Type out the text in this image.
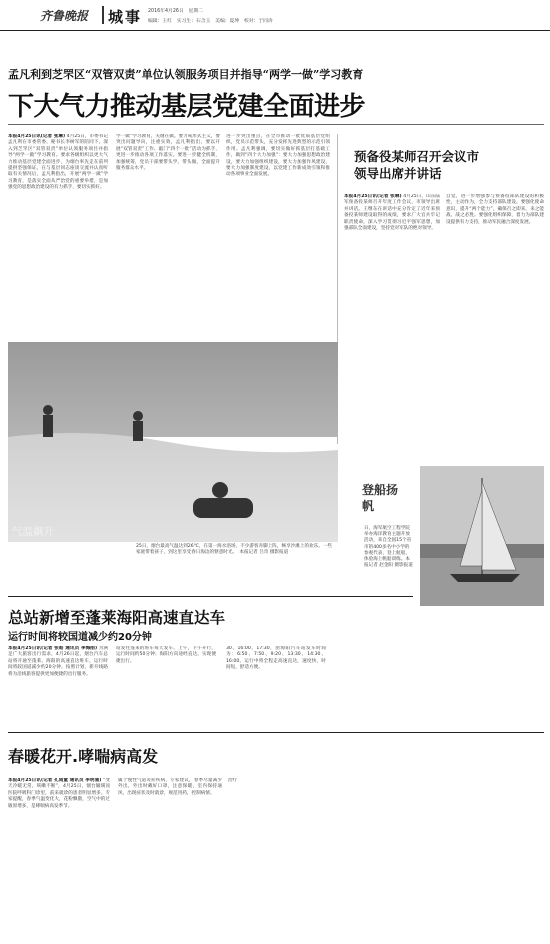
齐鲁晚报 城事 2016年4月26日　星期二
编辑：王红　实习生：石含玉　美编：夏坤　校对：于同涛
孟凡利到芝罘区“双管双责”单位认领服务项目并指导“两学一做”学习教育
下大气力推动基层党建全面进步
本报4月25日讯(记者 张琳) 4月25日，市委书记孟凡利在市委常委、秘书长李树军的陪同下，深入到芝罘区“双管双责”单位认领服务项目并指导“两学一做”学习教育。要求各级组织以更大气力推动基层党建全面进步，为烟台率先走在前列提供坚强保证。在与基层同志座谈交流并认真听取有关情况后，孟凡利指出，开展“两学一做”学习教育，是落实全面从严治党的重要举措，是加强党的思想政治建设的有力抓手，要切实抓好。
学一做”学习教育，关键在做。要力戒形式主义，要突出问题导向，注重实效。孟凡利指出，要以开展“双管双责”工作、敲门“四个一批”活动为抓手，更进一步推动各项工作落实。要进一步健全机制，加强统筹，党员干部要带头学、带头做，全面提升服务群众水平。
进一步突出重点，在全市推动一批优质基层党组织，党员示范带头，充分发挥先进典型的示范引领作用。孟凡利强调，要切实做好抓基层打基础工作，做到“四个大力加强”：要大力加强思想政治建设，要大力加强组织建设，要大力加强作风建设，要大力加强制度建设，以党建工作新成效引领和推动各项事业全面发展。
预备役某师召开会议市领导出席并讲话
本报4月25日讯(记者 张琳) 4月25日，山东陆军预备役某师召开年度工作会议，市领导出席并讲话。王继东在讲话中充分肯定了近年来预备役某师建设取得的成绩，要求广大官兵牢记职责使命，深入学习贯彻习近平强军思想，加强部队全面建设，坚持党对军队的绝对领导。
自觉，进一步增强参与预备役部队建设的积极性，主动作为，全力支持部队建设。要强化使命意识，提升“两个能力”，确保召之即来、来之能战、战之必胜。要强化组织保障，着力为部队建设提供有力支持，推动军民融合深度发展。
气温飙升
25日，烟台最高气温达到26℃，在第一海水浴场，不少游客赤脚上阵，畅享沙滩上的欢乐。一些家庭带着孩子，到这里享受春日海边的惬意时光。　本报记者 吕奇 摄影报道
登船扬帆
日，海军航空工程学院举办海洋教育主题开放活动，来自全国15个省市的400多名中小学的参观代表，登上航船，体验海上帆船训练。本报记者 赵金阳 摄影报道
总站新增至蓬莱海阳高速直达车
运行时间将较国道减少约20分钟
本报4月25日讯(记者 张皓 通讯员 李海刚) 为满足广大旅客出行需求，4月26日起，烟台汽车总站将开通至蓬莱、海阳的高速直达班车，运行时间将较国道减少约20分钟。按照计划，新开线路将为沿线旅客提供更加便捷的出行服务。
站发往蓬莱的班车每天发车。上午，下午开行，运行时间约50分钟；海阳方向途经直达，实现便捷出行。
30、16:00、17:30，由海阳汽车站发车时间为：6:50、7:50、9:20、13:30、14:30、16:00。运行中将全程走高速直达，速度快，时间短，舒适方便。
春暖花开.哮喘病高发
本报4月25日讯(记者 孔雨童 通讯员 李明浦) “变天冷暖无常，咳嗽不断”，4月25日，烟台毓璜顶医院呼吸科门诊里，前来就诊的患者明显增多。专家提醒，春季气温变化大，花粉飘散，空气中的过敏原增多，是哮喘病高发季节。
属于慢性气道炎症疾病，专家建议，春季尽量减少外出，外出时戴好口罩，注意保暖，室内保持通风，出现症状及时就诊，规范用药，控制病情。
治疗
